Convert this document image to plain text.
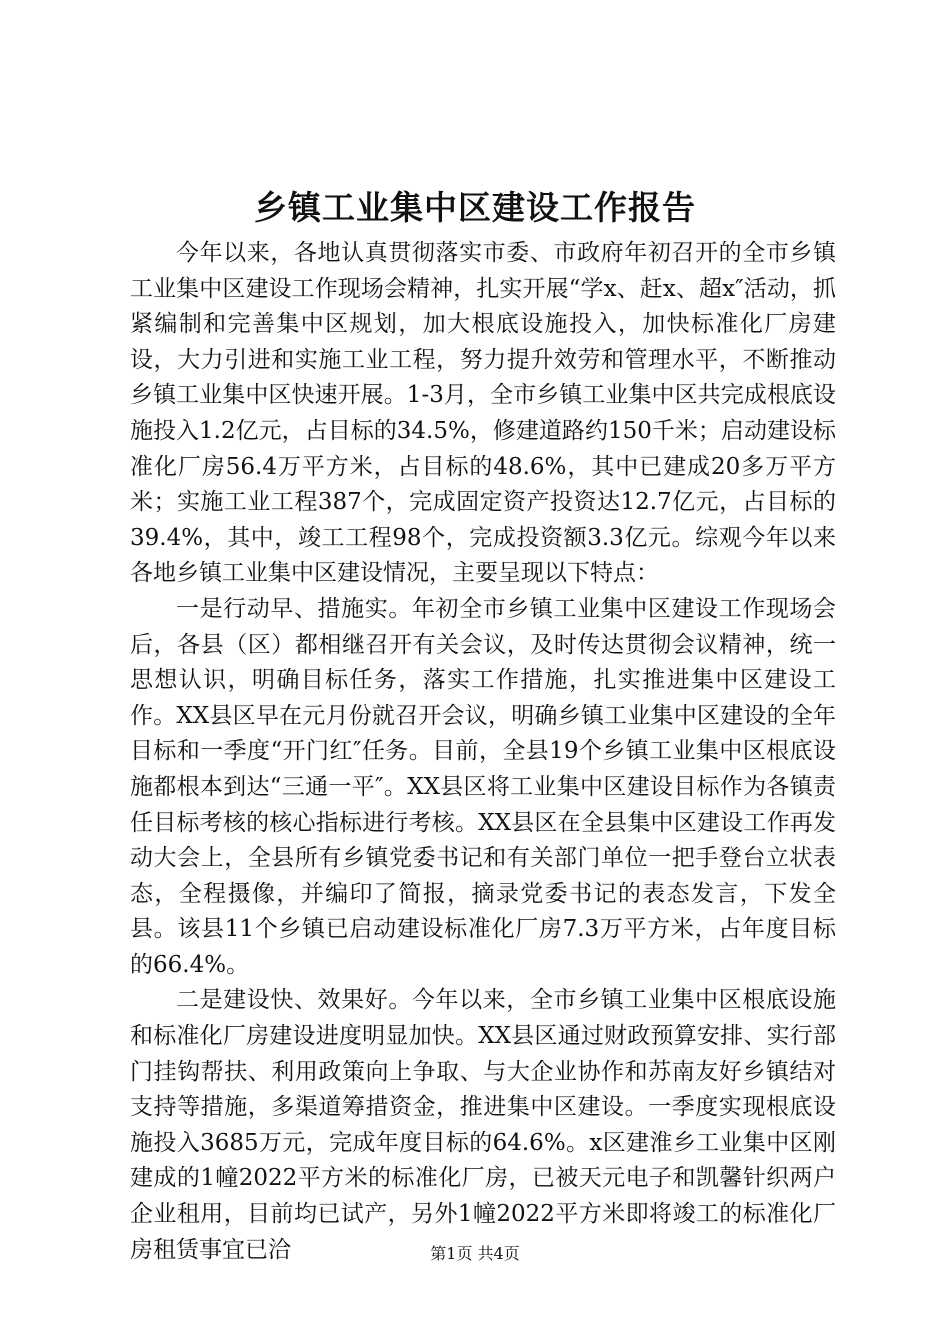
乡镇工业集中区建设工作报告

今年以来，各地认真贯彻落实市委、市政府年初召开的全市乡镇工业集中区建设工作现场会精神，扎实开展“学x、赶x、超x″活动，抓紧编制和完善集中区规划，加大根底设施投入，加快标准化厂房建设，大力引进和实施工业工程，努力提升效劳和管理水平，不断推动乡镇工业集中区快速开展。1-3月，全市乡镇工业集中区共完成根底设施投入1.2亿元，占目标的34.5%，修建道路约150千米；启动建设标准化厂房56.4万平方米，占目标的48.6%，其中已建成20多万平方米；实施工业工程387个，完成固定资产投资达12.7亿元，占目标的39.4%，其中，竣工工程98个，完成投资额3.3亿元。综观今年以来各地乡镇工业集中区建设情况，主要呈现以下特点：

一是行动早、措施实。年初全市乡镇工业集中区建设工作现场会后，各县（区）都相继召开有关会议，及时传达贯彻会议精神，统一思想认识，明确目标任务，落实工作措施，扎实推进集中区建设工作。XX县区早在元月份就召开会议，明确乡镇工业集中区建设的全年目标和一季度“开门红″任务。目前，全县19个乡镇工业集中区根底设施都根本到达“三通一平″。XX县区将工业集中区建设目标作为各镇责任目标考核的核心指标进行考核。XX县区在全县集中区建设工作再发动大会上，全县所有乡镇党委书记和有关部门单位一把手登台立状表态，全程摄像，并编印了简报，摘录党委书记的表态发言，下发全县。该县11个乡镇已启动建设标准化厂房7.3万平方米，占年度目标的66.4%。

二是建设快、效果好。今年以来，全市乡镇工业集中区根底设施和标准化厂房建设进度明显加快。XX县区通过财政预算安排、实行部门挂钩帮扶、利用政策向上争取、与大企业协作和苏南友好乡镇结对支持等措施，多渠道筹措资金，推进集中区建设。一季度实现根底设施投入3685万元，完成年度目标的64.6%。x区建淮乡工业集中区刚建成的1幢2022平方米的标准化厂房，已被天元电子和凯馨针织两户企业租用，目前均已试产，另外1幢2022平方米即将竣工的标准化厂房租赁事宜已洽	第1页 共4页
